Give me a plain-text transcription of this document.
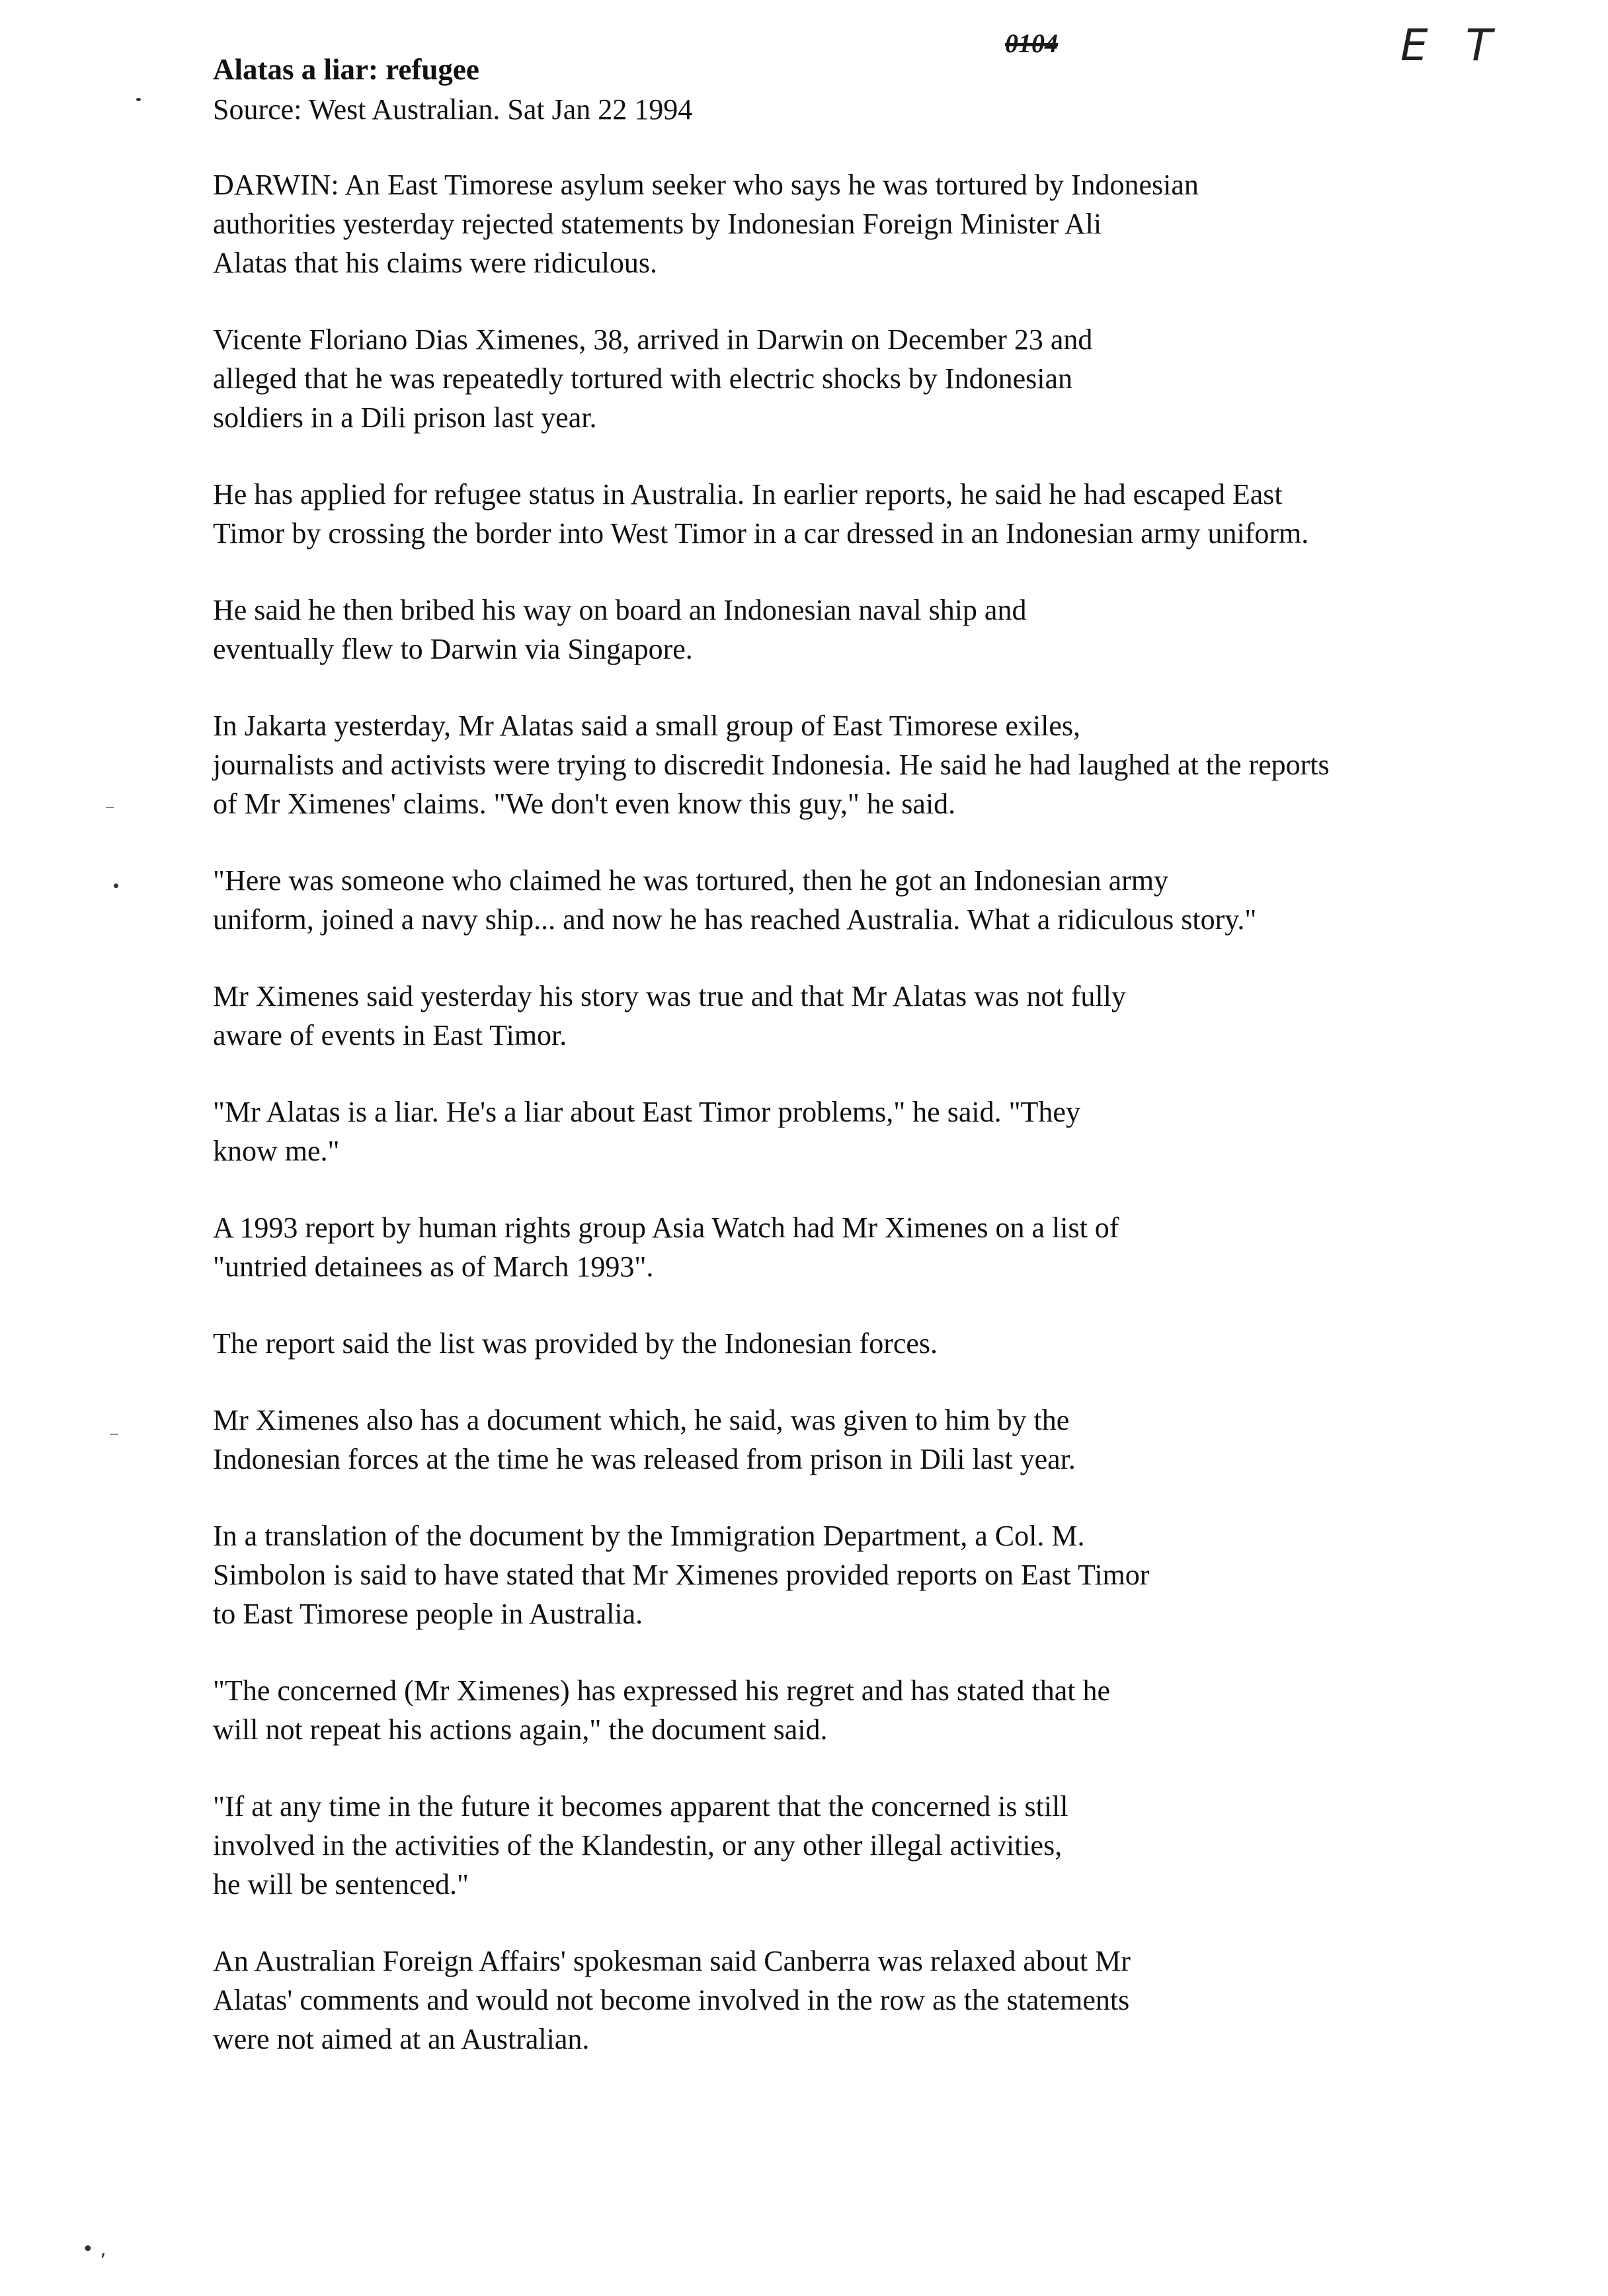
0104	E T
Alatas a liar: refugee

Source: West Australian. Sat Jan 22 1994

DARWIN: An East Timorese asylum seeker who says he was tortured by Indonesian
authorities yesterday rejected statements by Indonesian Foreign Minister Ali
Alatas that his claims were ridiculous.

Vicente Floriano Dias Ximenes, 38, arrived in Darwin on December 23 and
alleged that he was repeatedly tortured with electric shocks by Indonesian
soldiers in a Dili prison last year.

He has applied for refugee status in Australia. In earlier reports, he said he had escaped East
Timor by crossing the border into West Timor in a car dressed in an Indonesian army uniform.

He said he then bribed his way on board an Indonesian naval ship and
eventually flew to Darwin via Singapore.

In Jakarta yesterday, Mr Alatas said a small group of East Timorese exiles,
journalists and activists were trying to discredit Indonesia. He said he had laughed at the reports
of Mr Ximenes' claims. "We don't even know this guy," he said.

"Here was someone who claimed he was tortured, then he got an Indonesian army
uniform, joined a navy ship... and now he has reached Australia. What a ridiculous story."

Mr Ximenes said yesterday his story was true and that Mr Alatas was not fully
aware of events in East Timor.

"Mr Alatas is a liar. He's a liar about East Timor problems," he said. "They
know me."

A 1993 report by human rights group Asia Watch had Mr Ximenes on a list of
"untried detainees as of March 1993".

The report said the list was provided by the Indonesian forces.

Mr Ximenes also has a document which, he said, was given to him by the
Indonesian forces at the time he was released from prison in Dili last year.

In a translation of the document by the Immigration Department, a Col. M.
Simbolon is said to have stated that Mr Ximenes provided reports on East Timor
to East Timorese people in Australia.

"The concerned (Mr Ximenes) has expressed his regret and has stated that he
will not repeat his actions again," the document said.

"If at any time in the future it becomes apparent that the concerned is still
involved in the activities of the Klandestin, or any other illegal activities,
he will be sentenced."

An Australian Foreign Affairs' spokesman said Canberra was relaxed about Mr
Alatas' comments and would not become involved in the row as the statements
were not aimed at an Australian.

• ,
